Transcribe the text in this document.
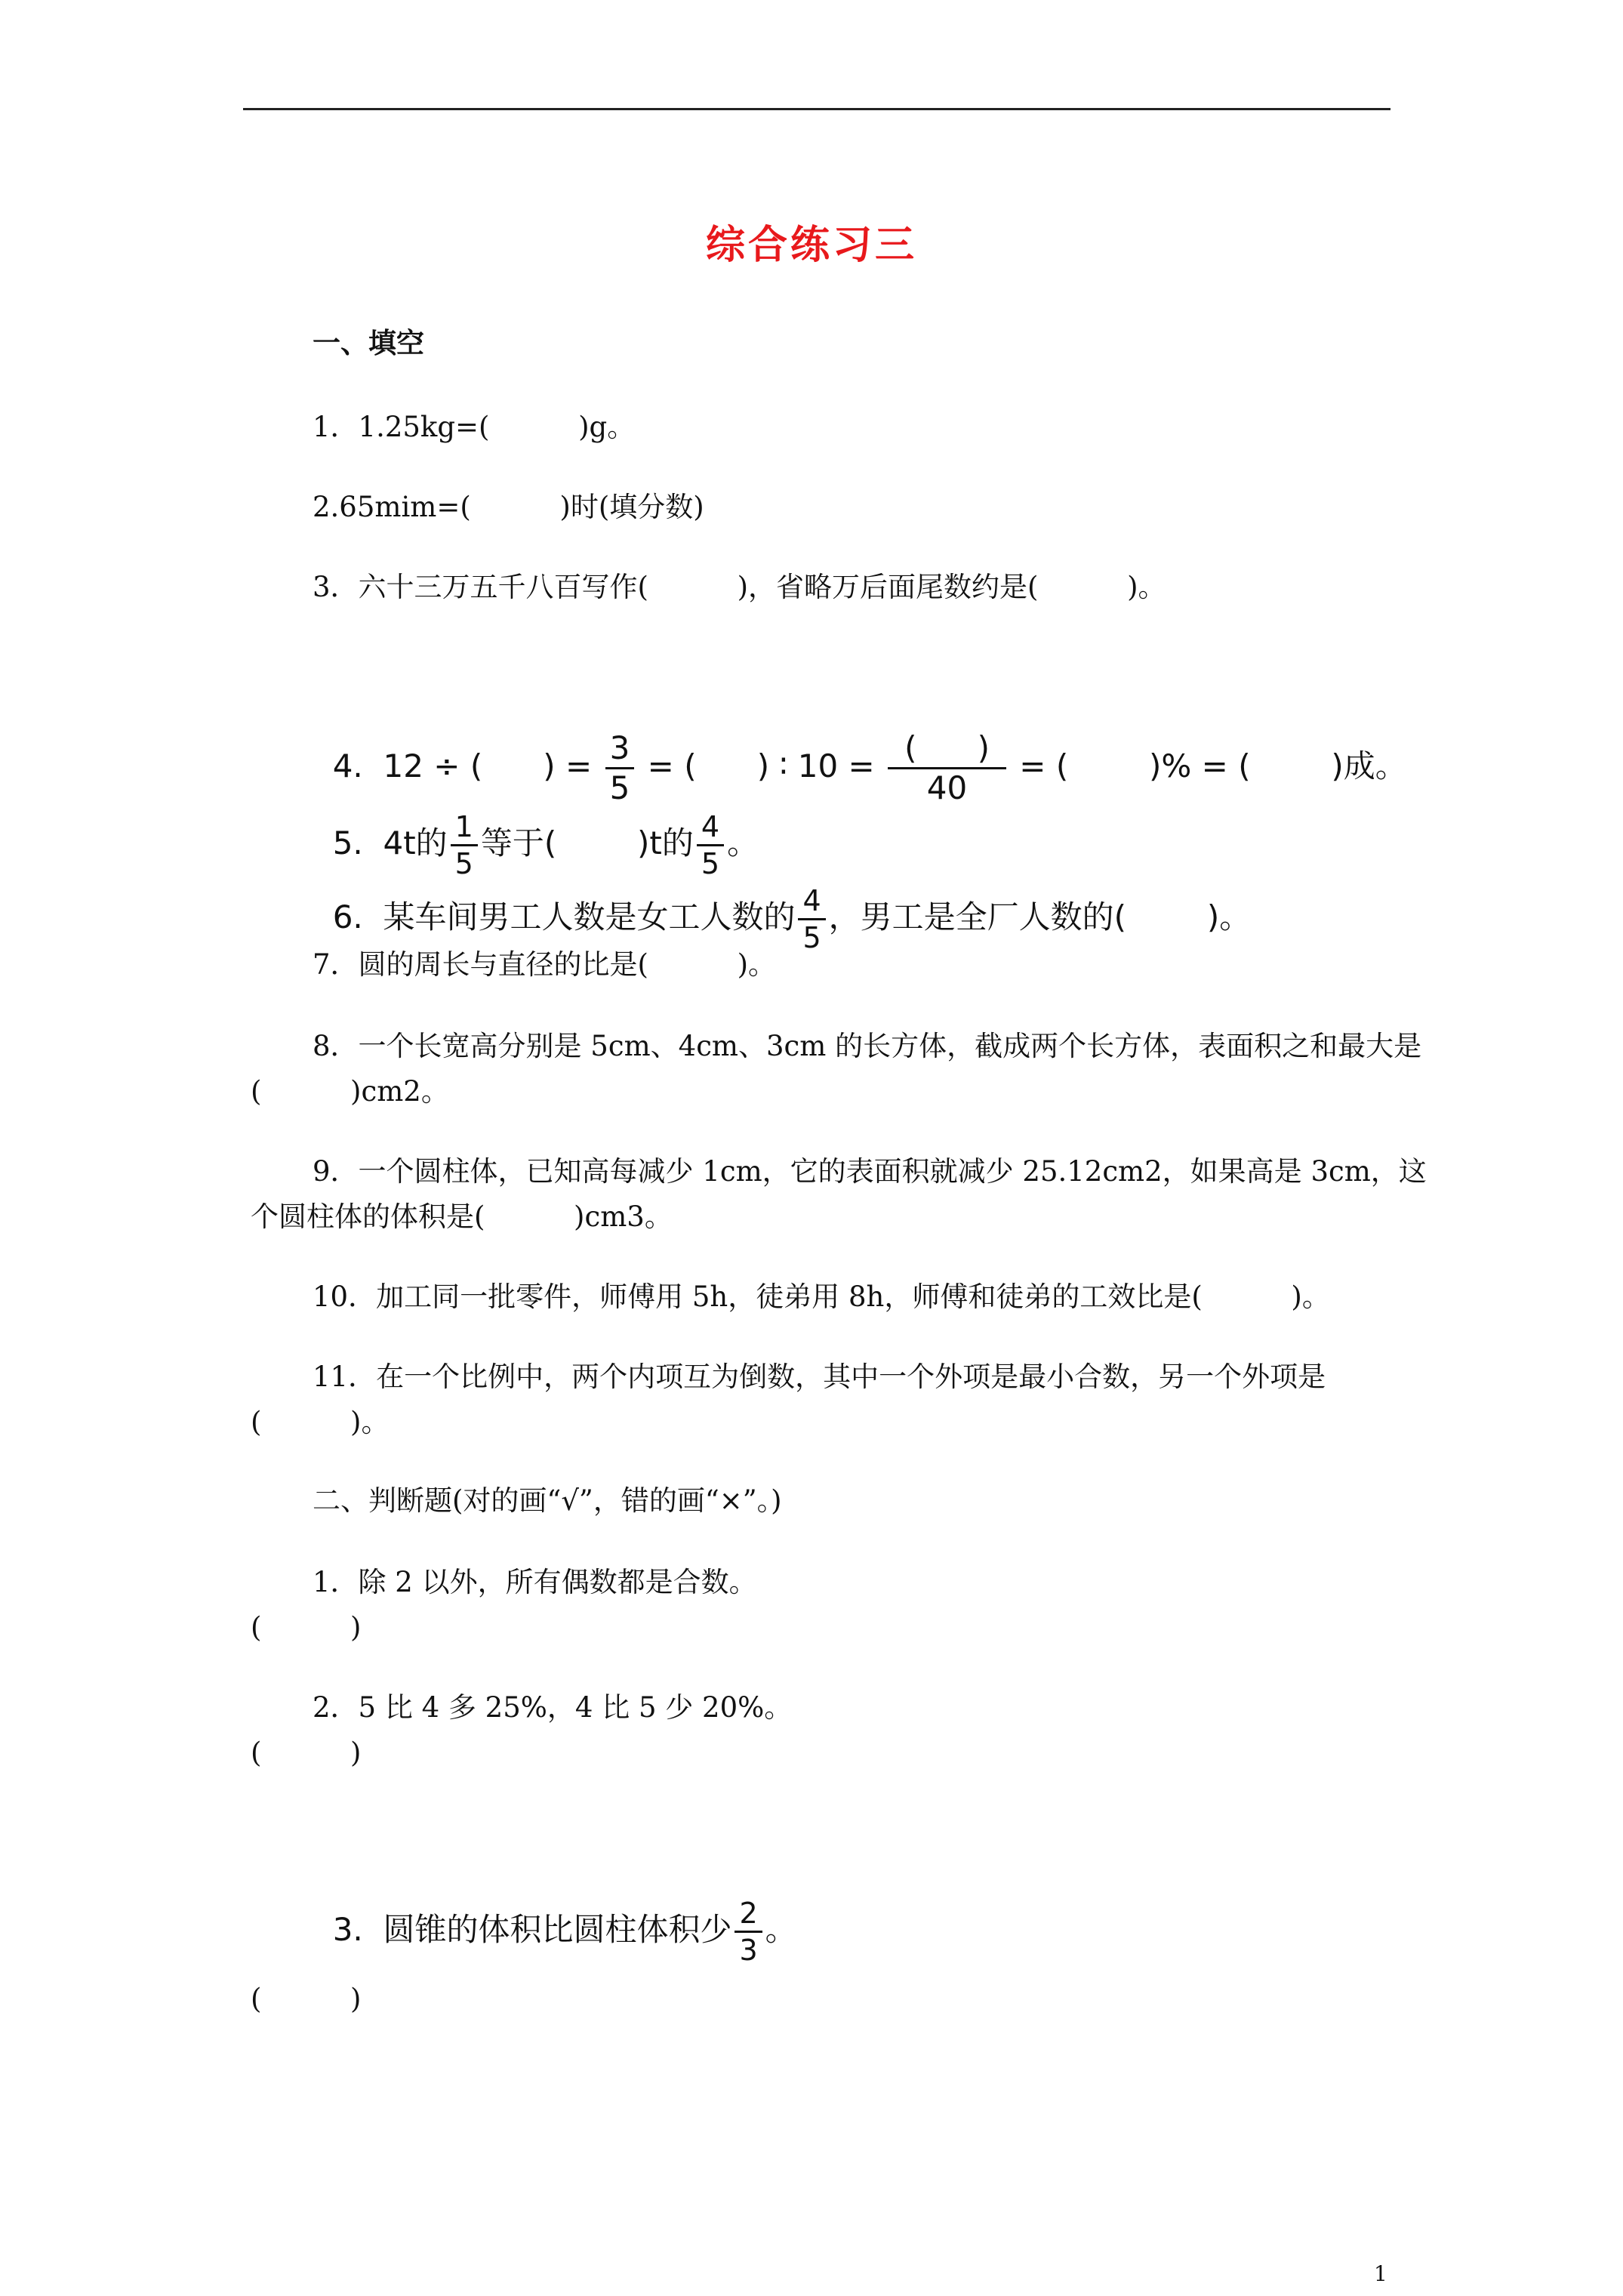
综合练习三
一、填空
1．1.25kg=(          )g。
2.65mim=(          )时(填分数)
3．六十三万五千八百写作(          )，省略万后面尾数约是(          )。

4.  12 ÷ (      ) = $\frac{3}{5}$ = (      ) ∶ $10 = \frac{( )}{40}$ = (        )% = (        )成。

5.  4t的 $\frac{1}{5}$ 等于(        )t的 $\frac{4}{5}$ 。

6.  某车间男工人数是女工人数的 $\frac{4}{5}$ ，男工是全厂人数的(        )。

7．圆的周长与直径的比是(          )。
8．一个长宽高分别是 5cm、4cm、3cm 的长方体，截成两个长方体，表面积之和最大是
(          )cm2。
9．一个圆柱体，已知高每减少 1cm，它的表面积就减少 25.12cm2，如果高是 3cm，这
个圆柱体的体积是(          )cm3。
10．加工同一批零件，师傅用 5h，徒弟用 8h，师傅和徒弟的工效比是(          )。
11．在一个比例中，两个内项互为倒数，其中一个外项是最小合数，另一个外项是
(          )。
二、判断题(对的画“√”，错的画“×”。)
1．除 2 以外，所有偶数都是合数。
(          )
2．5 比 4 多 25%，4 比 5 少 20%。
(          )

3.  圆锥的体积比圆柱体积少 $\frac{2}{3}$ 。

(          )
1
